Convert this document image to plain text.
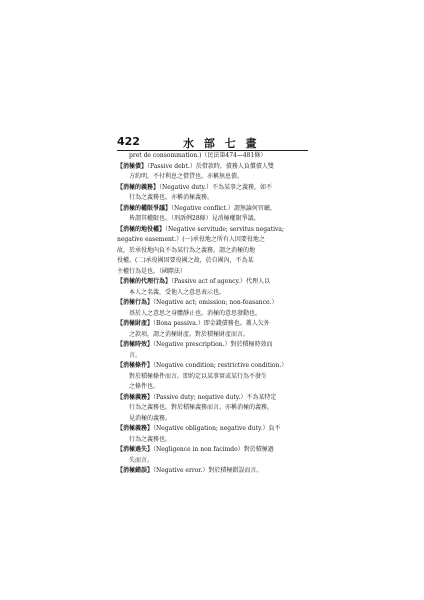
422	水 部 七 畫
pret de consommation.)（民法第474—481條）
【消極債】（Passive debt.）於借款時，債務人負償債人雙
方約明，不付利息之借貸也。亦稱無息債。
【消極的義務】（Negative duty.）不為某事之義務，如不
行為之義務也。亦稱消極義務。
【消極的權限爭議】（Negative conflict.）謂無論何官廳，
皆謂其權限也。（刑訴例28條）見消極權限爭議。
【消極的地役權】（Negative servitude; servitus negativa;
negative easement.）(一)承役地之所有人因要役地之
故，於承役地內負不為某行為之義務，謂之消極的地
役權。(二)承役國因要役國之故，於自國內，不為某
主權行為是也。（國際法）
【消極的代理行為】（Passive act of agency.）代理人以
本人之名義，受他人之意思表示也。
【消極行為】（Negative act; omission; non-feasance.）
基於人之意思之身體靜止也。消極的意思發動也。
【消極財產】（Bona passiva.）即金錢債務也。蓋人欠外
之款項，謂之消極財產。對於積極財產而言。
【消極時效】（Negative prescription.）對於積極時效而
言。
【消極條件】（Negative condition; restrictive condition.）
對於積極條件而言。即約定以某事實或某行為不發生
之條件也。
【消極義務】（Passive duty; negative duty.）不為某特定
行為之義務也。對於積極義務而言。亦稱消極的義務。
見消極的義務。
【消極義務】（Negative obligation; negative duty.）負不
行為之義務也。
【消極過失】（Negligence in non facimdo）對於積極過
失而言。
【消極錯誤】（Negative error.）對於積極錯誤而言。
